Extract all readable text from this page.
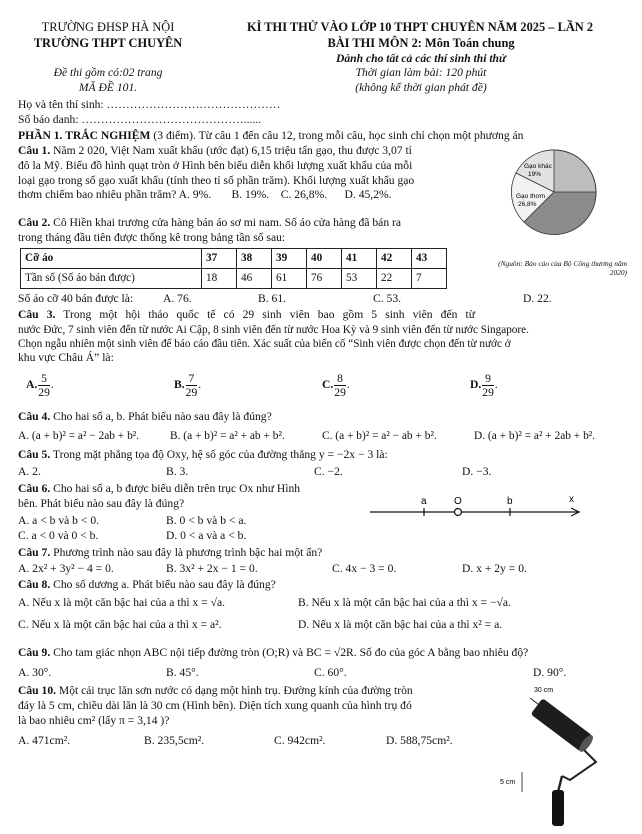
TRƯỜNG ĐHSP HÀ NỘI
TRƯỜNG THPT CHUYÊN
KÌ THI THỬ VÀO LỚP 10 THPT CHUYÊN NĂM 2025 – LẦN 2
BÀI THI MÔN 2: Môn Toán chung
Dành cho tất cả các thí sinh thi thử
Đề thi gồm có:02 trang
MÃ ĐỀ 101.
Thời gian làm bài: 120 phút
(không kể thời gian phát đề)
Họ và tên thí sinh: ………………………………………
Số báo danh: ……………………………………......
PHẦN 1. TRẮC NGHIỆM (3 điểm). Từ câu 1 đến câu 12, trong mỗi câu, học sinh chỉ chọn một phương án
Câu 1. Năm 2 020, Việt Nam xuất khẩu (ước đạt) 6,15 triệu tấn gạo, thu được 3,07 tỉ
đô la Mỹ. Biểu đồ hình quạt tròn ở Hình bên biểu diễn khối lượng xuất khẩu của mỗi
loại gạo trong số gạo xuất khẩu (tính theo tỉ số phần trăm). Khối lượng xuất khẩu gạo
thơm chiếm bao nhiêu phần trăm? A. 9%. B. 19%. C. 26,8%. D. 45,2%.
Gạo khác
19%
Gạo thơm
26,8%
(Nguồn: Báo cáo của Bộ Công thương năm 2020)
Câu 2. Cô Hiền khai trương cửa hàng bán áo sơ mi nam. Số áo cửa hàng đã bán ra
trong tháng đầu tiên được thống kê trong bảng tần số sau:
Cỡ áo	37	38	39	40	41	42	43
Tần số (Số áo bán được)	18	46	61	76	53	22	7
Số áo cỡ 40 bán được là:	A. 76.	B. 61.	C. 53.	D. 22.
Câu 3. Trong một hội thảo quốc tế có 29 sinh viên bao gồm 5 sinh viên đến từ
nước Đức, 7 sinh viên đến từ nước Ai Cập, 8 sinh viên đến từ nước Hoa Kỳ và 9 sinh viên đến từ nước Singapore.
Chọn ngẫu nhiên một sinh viên để báo cáo đầu tiên. Xác suất của biến cố “Sinh viên được chọn đến từ nước ở
khu vực Châu Á” là:
A. $\frac{5}{29}$ .	B. $\frac{7}{29}$ .	C. $\frac{8}{29}$ .	D. $\frac{9}{29}$ .
Câu 4. Cho hai số a, b. Phát biểu nào sau đây là đúng?
A. (a + b)² = a² − 2ab + b².	B. (a + b)² = a² + ab + b².	C. (a + b)² = a² − ab + b².	D. (a + b)² = a² + 2ab + b².
Câu 5. Trong mặt phẳng tọa độ Oxy, hệ số góc của đường thẳng y = −2x − 3 là:
A. 2.	B. 3.	C. −2.	D. −3.
Câu 6. Cho hai số a, b được biểu diễn trên trục Ox như Hình
bên. Phát biểu nào sau đây là đúng?
A. a < b và b < 0.	B. 0 < b và b < a.
C. a < 0 và 0 < b.	D. 0 < a và a < b.
a	O	b	x
Câu 7. Phương trình nào sau đây là phương trình bậc hai một ẩn?
A. 2x² + 3y² − 4 = 0.	B. 3x² + 2x − 1 = 0.	C. 4x − 3 = 0.	D. x + 2y = 0.
Câu 8. Cho số dương a. Phát biểu nào sau đây là đúng?
A. Nếu x là một căn bậc hai của a thì x = √a.	B. Nếu x là một căn bậc hai của a thì x = −√a.
C. Nếu x là một căn bậc hai của a thì x = a².	D. Nếu x là một căn bậc hai của a thì x² = a.
Câu 9. Cho tam giác nhọn ABC nội tiếp đường tròn (O;R) và BC = √2R. Số đo của góc A bằng bao nhiêu độ?
A. 30°.	B. 45°.	C. 60°.	D. 90°.
Câu 10. Một cái trục lăn sơn nước có dạng một hình trụ. Đường kính của đường tròn
đáy là 5 cm, chiều dài lăn là 30 cm (Hình bên). Diện tích xung quanh của hình trụ đó
là bao nhiêu cm² (lấy π = 3,14 )?
A. 471cm².	B. 235,5cm².	C. 942cm².	D. 588,75cm².
30 cm
5 cm
